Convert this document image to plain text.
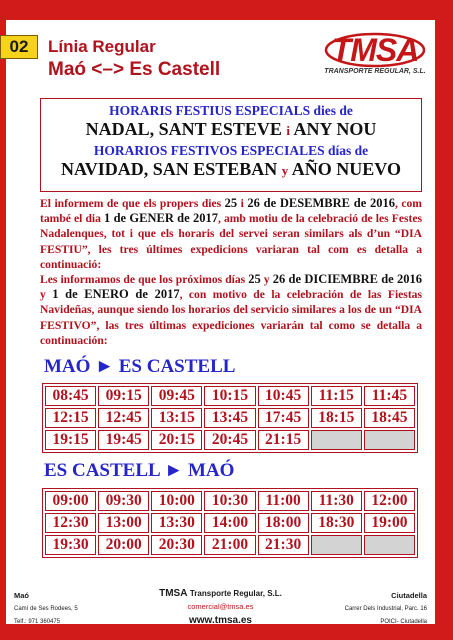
02	Línia Regular
Maó <–> Es Castell
TMSA
TRANSPORTE REGULAR, S.L.
HORARIS FESTIUS ESPECIALS dies de
NADAL, SANT ESTEVE i ANY NOU
HORARIOS FESTIVOS ESPECIALES días de
NAVIDAD, SAN ESTEBAN y AÑO NUEVO
El informem de que els propers dies 25 i 26 de DESEMBRE de 2016, com també el dia 1 de GENER de 2017, amb motiu de la celebració de les Festes Nadalenques, tot i que els horaris del servei seran similars als d’un “DIA FESTIU”, les tres últimes expedicions variaran tal com es detalla a continuació:
Les informamos de que los próximos días 25 y 26 de DICIEMBRE de 2016 y 1 de ENERO de 2017, con motivo de la celebración de las Fiestas Navideñas, aunque siendo los horarios del servicio similares a los de un “DIA FESTIVO”, las tres últimas expediciones variarán tal como se detalla a continuación:
MAÓ ► ES CASTELL
08:45	09:15	09:45	10:15	10:45	11:15	11:45
12:15	12:45	13:15	13:45	17:45	18:15	18:45
19:15	19:45	20:15	20:45	21:15		
ES CASTELL ► MAÓ
09:00	09:30	10:00	10:30	11:00	11:30	12:00
12:30	13:00	13:30	14:00	18:00	18:30	19:00
19:30	20:00	20:30	21:00	21:30		
Maó
Camí de Ses Rodees, 5
Telf.: 971 360475
TMSA Transporte Regular, S.L.
comercial@tmsa.es
www.tmsa.es
Ciutadella
Carrer Dels Industrial, Parc. 16
POICI- Ciutadella
